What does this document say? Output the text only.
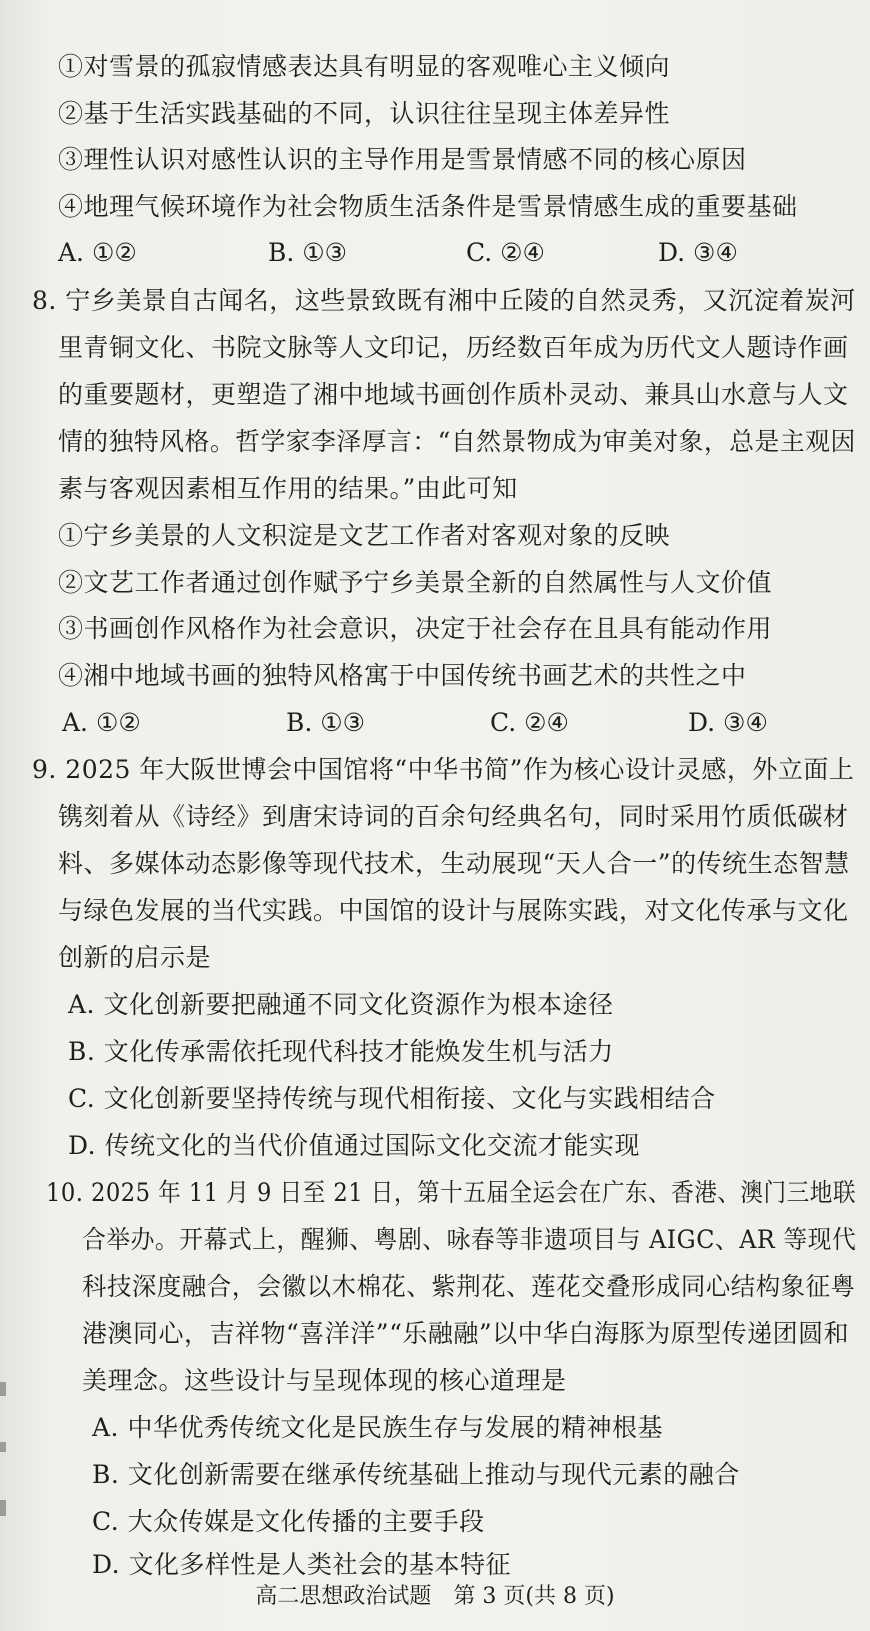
①对雪景的孤寂情感表达具有明显的客观唯心主义倾向
②基于生活实践基础的不同，认识往往呈现主体差异性
③理性认识对感性认识的主导作用是雪景情感不同的核心原因
④地理气候环境作为社会物质生活条件是雪景情感生成的重要基础
A. ①②	B. ①③	C. ②④	D. ③④
8. 宁乡美景自古闻名，这些景致既有湘中丘陵的自然灵秀，又沉淀着炭河
里青铜文化、书院文脉等人文印记，历经数百年成为历代文人题诗作画
的重要题材，更塑造了湘中地域书画创作质朴灵动、兼具山水意与人文
情的独特风格。哲学家李泽厚言：“自然景物成为审美对象，总是主观因
素与客观因素相互作用的结果。”由此可知
①宁乡美景的人文积淀是文艺工作者对客观对象的反映
②文艺工作者通过创作赋予宁乡美景全新的自然属性与人文价值
③书画创作风格作为社会意识，决定于社会存在且具有能动作用
④湘中地域书画的独特风格寓于中国传统书画艺术的共性之中
A. ①②	B. ①③	C. ②④	D. ③④
9. 2025 年大阪世博会中国馆将“中华书简”作为核心设计灵感，外立面上
镌刻着从《诗经》到唐宋诗词的百余句经典名句，同时采用竹质低碳材
料、多媒体动态影像等现代技术，生动展现“天人合一”的传统生态智慧
与绿色发展的当代实践。中国馆的设计与展陈实践，对文化传承与文化
创新的启示是
A. 文化创新要把融通不同文化资源作为根本途径
B. 文化传承需依托现代科技才能焕发生机与活力
C. 文化创新要坚持传统与现代相衔接、文化与实践相结合
D. 传统文化的当代价值通过国际文化交流才能实现
10. 2025 年 11 月 9 日至 21 日，第十五届全运会在广东、香港、澳门三地联
合举办。开幕式上，醒狮、粤剧、咏春等非遗项目与 AIGC、AR 等现代
科技深度融合，会徽以木棉花、紫荆花、莲花交叠形成同心结构象征粤
港澳同心，吉祥物“喜洋洋”“乐融融”以中华白海豚为原型传递团圆和
美理念。这些设计与呈现体现的核心道理是
A. 中华优秀传统文化是民族生存与发展的精神根基
B. 文化创新需要在继承传统基础上推动与现代元素的融合
C. 大众传媒是文化传播的主要手段
D. 文化多样性是人类社会的基本特征
高二思想政治试题　第 3 页(共 8 页)
